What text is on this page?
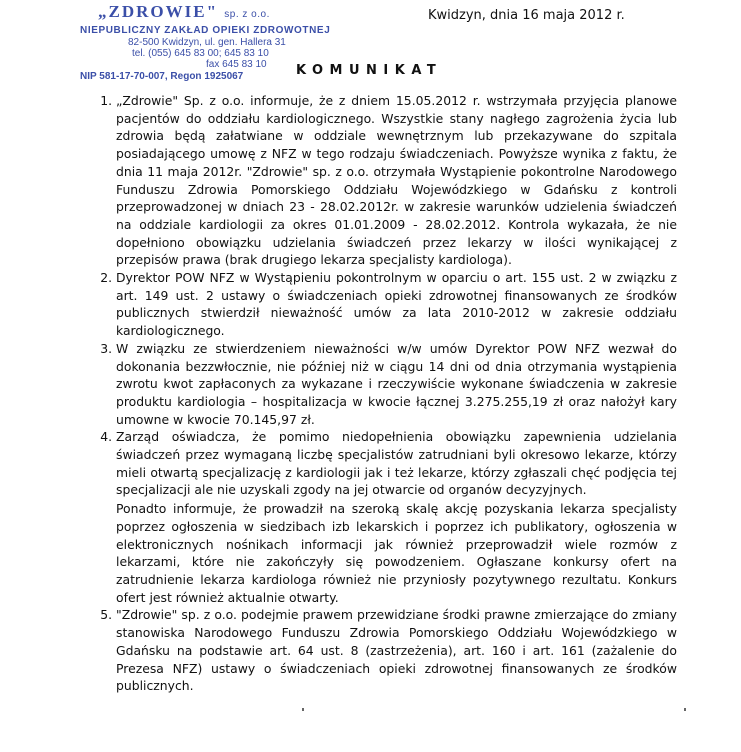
„ZDROWIE" sp. z o.o.
NIEPUBLICZNY ZAKŁAD OPIEKI ZDROWOTNEJ
82-500 Kwidzyn, ul. gen. Hallera 31
tel. (055) 645 83 00; 645 83 10
fax 645 83 10
NIP 581-17-70-007, Regon 1925067
Kwidzyn, dnia 16 maja 2012 r.
KOMUNIKAT

1. „Zdrowie" Sp. z o.o. informuje, że z dniem 15.05.2012 r. wstrzymała przyjęcia planowe pacjentów do oddziału kardiologicznego. Wszystkie stany nagłego zagrożenia życia lub zdrowia będą załatwiane w oddziale wewnętrznym lub przekazywane do szpitala posiadającego umowę z NFZ w tego rodzaju świadczeniach. Powyższe wynika z faktu, że dnia 11 maja 2012r. "Zdrowie" sp. z o.o. otrzymała Wystąpienie pokontrolne Narodowego Funduszu Zdrowia Pomorskiego Oddziału Wojewódzkiego w Gdańsku z kontroli przeprowadzonej w dniach 23 - 28.02.2012r. w zakresie warunków udzielenia świadczeń na oddziale kardiologii za okres 01.01.2009 - 28.02.2012. Kontrola wykazała, że nie dopełniono obowiązku udzielania świadczeń przez lekarzy w ilości wynikającej z przepisów prawa (brak drugiego lekarza specjalisty kardiologa).

2. Dyrektor POW NFZ w Wystąpieniu pokontrolnym w oparciu o art. 155 ust. 2 w związku z art. 149 ust. 2 ustawy o świadczeniach opieki zdrowotnej finansowanych ze środków publicznych stwierdził nieważność umów za lata 2010-2012 w zakresie oddziału kardiologicznego.

3. W związku ze stwierdzeniem nieważności w/w umów Dyrektor POW NFZ wezwał do dokonania bezzwłocznie, nie później niż w ciągu 14 dni od dnia otrzymania wystąpienia zwrotu kwot zapłaconych za wykazane i rzeczywiście wykonane świadczenia w zakresie produktu kardiologia – hospitalizacja w kwocie łącznej 3.275.255,19 zł oraz nałożył kary umowne w kwocie 70.145,97 zł.

4. Zarząd oświadcza, że pomimo niedopełnienia obowiązku zapewnienia udzielania świadczeń przez wymaganą liczbę specjalistów zatrudniani byli okresowo lekarze, którzy mieli otwartą specjalizację z kardiologii jak i też lekarze, którzy zgłaszali chęć podjęcia tej specjalizacji ale nie uzyskali zgody na jej otwarcie od organów decyzyjnych.

Ponadto informuje, że prowadził na szeroką skalę akcję pozyskania lekarza specjalisty poprzez ogłoszenia w siedzibach izb lekarskich i poprzez ich publikatory, ogłoszenia w elektronicznych nośnikach informacji jak również przeprowadził wiele rozmów z lekarzami, które nie zakończyły się powodzeniem. Ogłaszane konkursy ofert na zatrudnienie lekarza kardiologa również nie przyniosły pozytywnego rezultatu. Konkurs ofert jest również aktualnie otwarty.

5. "Zdrowie" sp. z o.o. podejmie prawem przewidziane środki prawne zmierzające do zmiany stanowiska Narodowego Funduszu Zdrowia Pomorskiego Oddziału Wojewódzkiego w Gdańsku na podstawie art. 64 ust. 8 (zastrzeżenia), art. 160 i art. 161 (zażalenie do Prezesa NFZ) ustawy o świadczeniach opieki zdrowotnej finansowanych ze środków publicznych.
